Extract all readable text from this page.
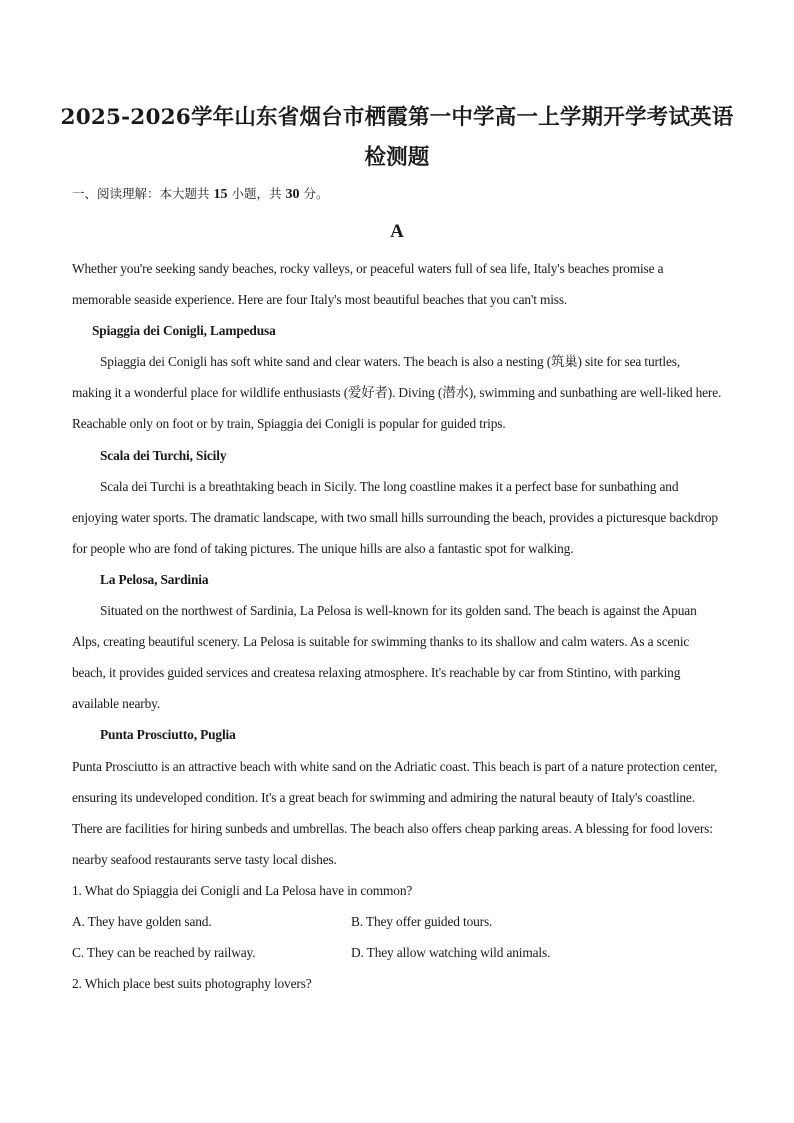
2025-2026学年山东省烟台市栖霞第一中学高一上学期开学考试英语
检测题
一、阅读理解：本大题共 15 小题，共 30 分。
A

Whether you're seeking sandy beaches, rocky valleys, or peaceful waters full of sea life, Italy's beaches promise a memorable seaside experience. Here are four Italy's most beautiful beaches that you can't miss.

Spiaggia dei Conigli, Lampedusa

Spiaggia dei Conigli has soft white sand and clear waters. The beach is also a nesting (筑巢) site for sea turtles, making it a wonderful place for wildlife enthusiasts (爱好者). Diving (潜水), swimming and sunbathing are well-liked here. Reachable only on foot or by train, Spiaggia dei Conigli is popular for guided trips.

Scala dei Turchi, Sicily

Scala dei Turchi is a breathtaking beach in Sicily. The long coastline makes it a perfect base for sunbathing and enjoying water sports. The dramatic landscape, with two small hills surrounding the beach, provides a picturesque backdrop for people who are fond of taking pictures. The unique hills are also a fantastic spot for walking.

La Pelosa, Sardinia

Situated on the northwest of Sardinia, La Pelosa is well-known for its golden sand. The beach is against the Apuan Alps, creating beautiful scenery. La Pelosa is suitable for swimming thanks to its shallow and calm waters. As a scenic beach, it provides guided services and createsa relaxing atmosphere. It's reachable by car from Stintino, with parking available nearby.

Punta Prosciutto, Puglia

Punta Prosciutto is an attractive beach with white sand on the Adriatic coast. This beach is part of a nature protection center, ensuring its undeveloped condition. It's a great beach for swimming and admiring the natural beauty of Italy's coastline. There are facilities for hiring sunbeds and umbrellas. The beach also offers cheap parking areas. A blessing for food lovers: nearby seafood restaurants serve tasty local dishes.

1. What do Spiaggia dei Conigli and La Pelosa have in common?

A. They have golden sand.	B. They offer guided tours.

C. They can be reached by railway.	D. They allow watching wild animals.

2. Which place best suits photography lovers?
